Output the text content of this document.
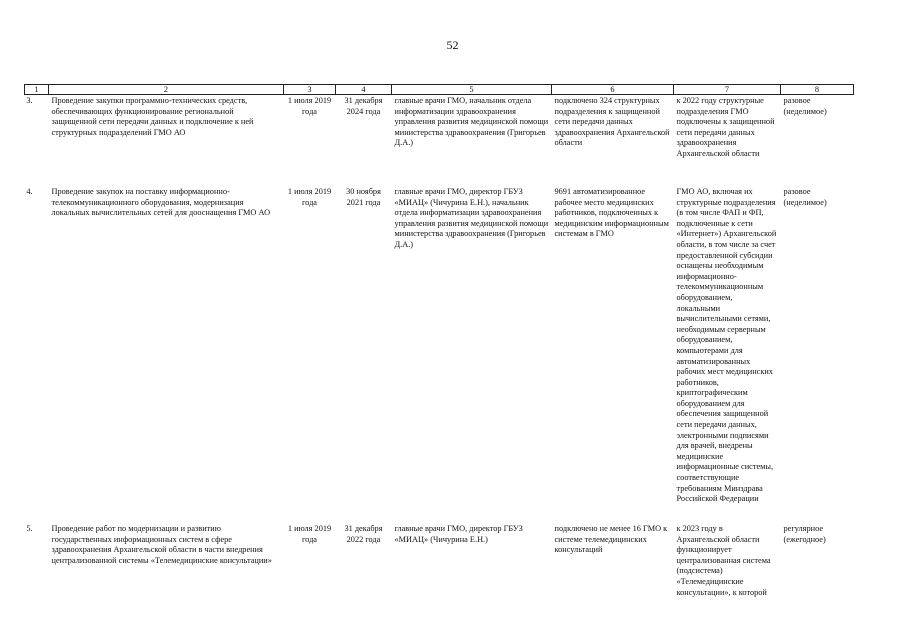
52
1	2	3	4	5	6	7	8
3.	Проведение закупки программно-технических средств, обеспечивающих функционирование региональной защищенной сети передачи данных и подключение к ней структурных подразделений ГМО АО	1 июля 2019 года	31 декабря 2024 года	главные врачи ГМО, начальник отдела информатизации здравоохранения управления развития медицинской помощи министерства здравоохранения (Григорьев Д.А.)	подключено 324 структурных подразделения к защищенной сети передачи данных здравоохранения Архангельской области	к 2022 году структурные подразделения ГМО подключены к защищенной сети передачи данных здравоохранения Архангельской области	разовое (неделимое)
4.	Проведение закупок на поставку информационно-телекоммуникационного оборудования, модернизация локальных вычислительных сетей для дооснащения ГМО АО	1 июля 2019 года	30 ноября 2021 года	главные врачи ГМО, директор ГБУЗ «МИАЦ» (Чичурина Е.Н.), начальник отдела информатизации здравоохранения управления развития медицинской помощи министерства здравоохранения (Григорьев Д.А.)	9691 автоматизированное рабочее место медицинских работников, подключенных к медицинским информационным системам в ГМО	ГМО АО, включая их структурные подразделения (в том числе ФАП и ФП, подключенные к сети «Интернет») Архангельской области, в том числе за счет предоставленной субсидии оснащены необходимым информационно-телекоммуникационным оборудованием, локальными вычислительными сетями, необходимым серверным оборудованием, компьютерами для автоматизированных рабочих мест медицинских работников, криптографическим оборудованием для обеспечения защищенной сети передачи данных, электронными подписями для врачей, внедрены медицинские информационные системы, соответствующие требованиям Минздрава Российской Федерации	разовое (неделимое)
5.	Проведение работ по модернизации и развитию государственных информационных систем в сфере здравоохранения Архангельской области в части внедрения централизованной системы «Телемедицинские консультации»	1 июля 2019 года	31 декабря 2022 года	главные врачи ГМО, директор ГБУЗ «МИАЦ» (Чичурина Е.Н.)	подключено не менее 16 ГМО к системе телемедицинских консультаций	к 2023 году в Архангельской области функционирует централизованная система (подсистема) «Телемедицинские консультации», к которой	регулярное (ежегодное)
